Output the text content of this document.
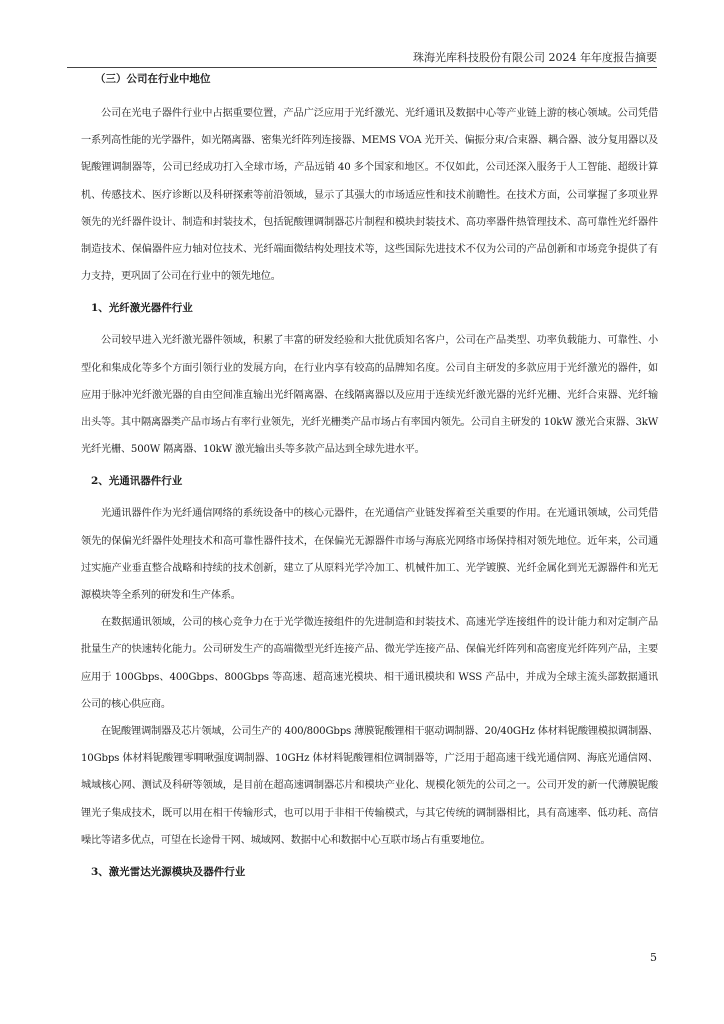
珠海光库科技股份有限公司 2024 年年度报告摘要

（三）公司在行业中地位

公司在光电子器件行业中占据重要位置，产品广泛应用于光纤激光、光纤通讯及数据中心等产业链上游的核心领域。公司凭借一系列高性能的光学器件，如光隔离器、密集光纤阵列连接器、MEMS VOA 光开关、偏振分束/合束器、耦合器、波分复用器以及铌酸锂调制器等，公司已经成功打入全球市场，产品远销 40 多个国家和地区。不仅如此，公司还深入服务于人工智能、超级计算机、传感技术、医疗诊断以及科研探索等前沿领域，显示了其强大的市场适应性和技术前瞻性。在技术方面，公司掌握了多项业界领先的光纤器件设计、制造和封装技术，包括铌酸锂调制器芯片制程和模块封装技术、高功率器件热管理技术、高可靠性光纤器件制造技术、保偏器件应力轴对位技术、光纤端面微结构处理技术等，这些国际先进技术不仅为公司的产品创新和市场竞争提供了有力支持，更巩固了公司在行业中的领先地位。

1、光纤激光器件行业

公司较早进入光纤激光器件领域，积累了丰富的研发经验和大批优质知名客户，公司在产品类型、功率负载能力、可靠性、小型化和集成化等多个方面引领行业的发展方向，在行业内享有较高的品牌知名度。公司自主研发的多款应用于光纤激光的器件，如应用于脉冲光纤激光器的自由空间准直输出光纤隔离器、在线隔离器以及应用于连续光纤激光器的光纤光栅、光纤合束器、光纤输出头等。其中隔离器类产品市场占有率行业领先，光纤光栅类产品市场占有率国内领先。公司自主研发的 10kW 激光合束器、3kW 光纤光栅、500W 隔离器、10kW 激光输出头等多款产品达到全球先进水平。

2、光通讯器件行业

光通讯器件作为光纤通信网络的系统设备中的核心元器件，在光通信产业链发挥着至关重要的作用。在光通讯领域，公司凭借领先的保偏光纤器件处理技术和高可靠性器件技术，在保偏光无源器件市场与海底光网络市场保持相对领先地位。近年来，公司通过实施产业垂直整合战略和持续的技术创新，建立了从原料光学冷加工、机械件加工、光学镀膜、光纤金属化到光无源器件和光无源模块等全系列的研发和生产体系。

在数据通讯领域，公司的核心竞争力在于光学微连接组件的先进制造和封装技术、高速光学连接组件的设计能力和对定制产品批量生产的快速转化能力。公司研发生产的高端微型光纤连接产品、微光学连接产品、保偏光纤阵列和高密度光纤阵列产品，主要应用于 100Gbps、400Gbps、800Gbps 等高速、超高速光模块、相干通讯模块和 WSS 产品中，并成为全球主流头部数据通讯公司的核心供应商。

在铌酸锂调制器及芯片领域，公司生产的 400/800Gbps 薄膜铌酸锂相干驱动调制器、20/40GHz 体材料铌酸锂模拟调制器、10Gbps 体材料铌酸锂零啁啾强度调制器、10GHz 体材料铌酸锂相位调制器等，广泛用于超高速干线光通信网、海底光通信网、城域核心网、测试及科研等领域，是目前在超高速调制器芯片和模块产业化、规模化领先的公司之一。公司开发的新一代薄膜铌酸锂光子集成技术，既可以用在相干传输形式，也可以用于非相干传输模式，与其它传统的调制器相比，具有高速率、低功耗、高信噪比等诸多优点，可望在长途骨干网、城域网、数据中心和数据中心互联市场占有重要地位。

3、激光雷达光源模块及器件行业

5
